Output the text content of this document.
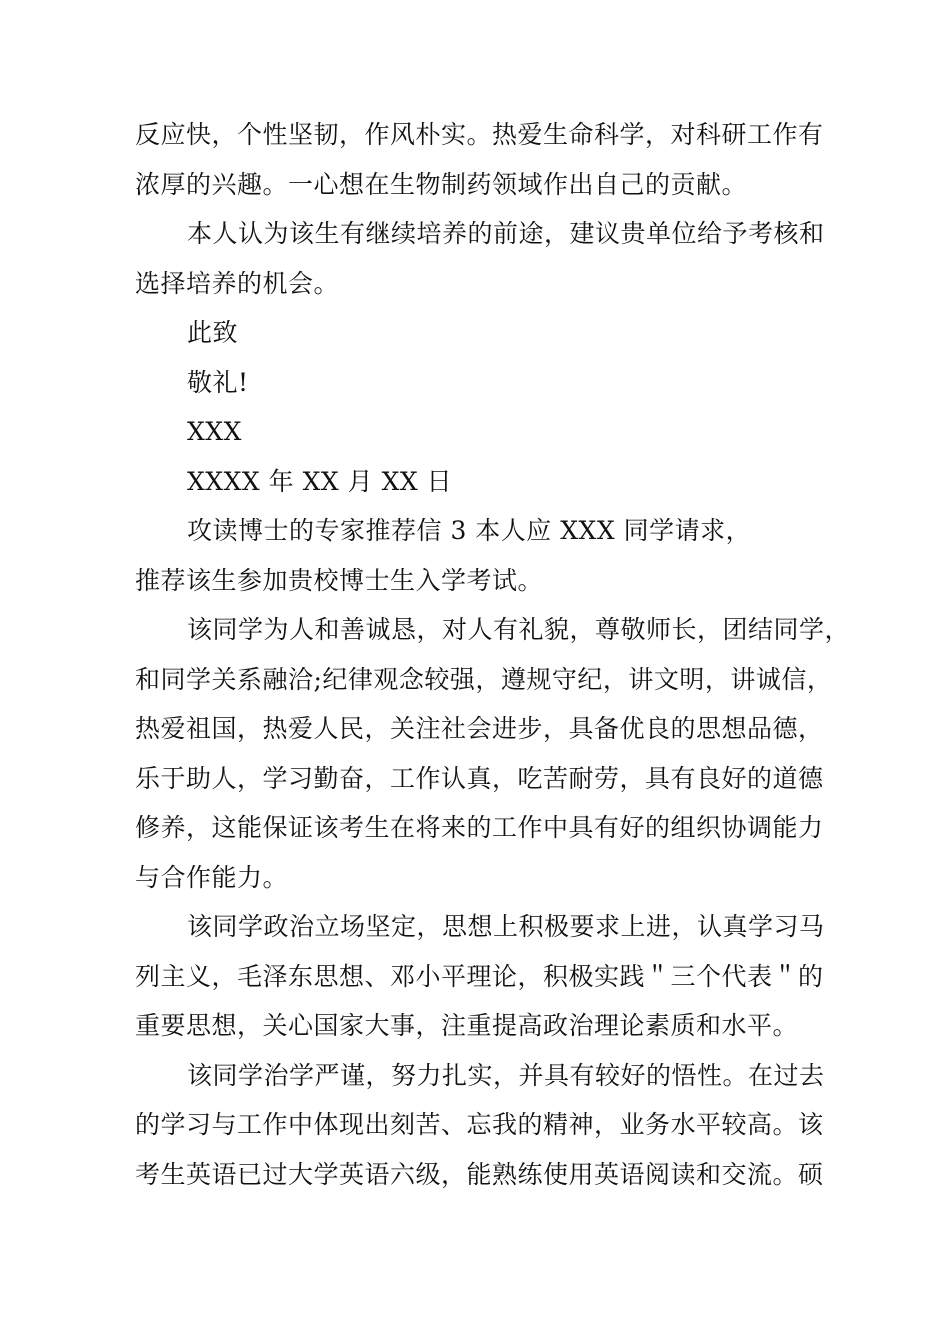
反应快，个性坚韧，作风朴实。热爱生命科学，对科研工作有
浓厚的兴趣。一心想在生物制药领域作出自己的贡献。
本人认为该生有继续培养的前途，建议贵单位给予考核和
选择培养的机会。
此致
敬礼!
XXX
XXXX 年 XX 月 XX 日
攻读博士的专家推荐信 3 本人应 XXX 同学请求，
推荐该生参加贵校博士生入学考试。
该同学为人和善诚恳，对人有礼貌，尊敬师长，团结同学，
和同学关系融洽;纪律观念较强，遵规守纪，讲文明，讲诚信，
热爱祖国，热爱人民，关注社会进步，具备优良的思想品德，
乐于助人，学习勤奋，工作认真，吃苦耐劳，具有良好的道德
修养，这能保证该考生在将来的工作中具有好的组织协调能力
与合作能力。
该同学政治立场坚定，思想上积极要求上进，认真学习马
列主义，毛泽东思想、邓小平理论，积极实践＂三个代表＂的
重要思想，关心国家大事，注重提高政治理论素质和水平。
该同学治学严谨，努力扎实，并具有较好的悟性。在过去
的学习与工作中体现出刻苦、忘我的精神，业务水平较高。该
考生英语已过大学英语六级，能熟练使用英语阅读和交流。硕
